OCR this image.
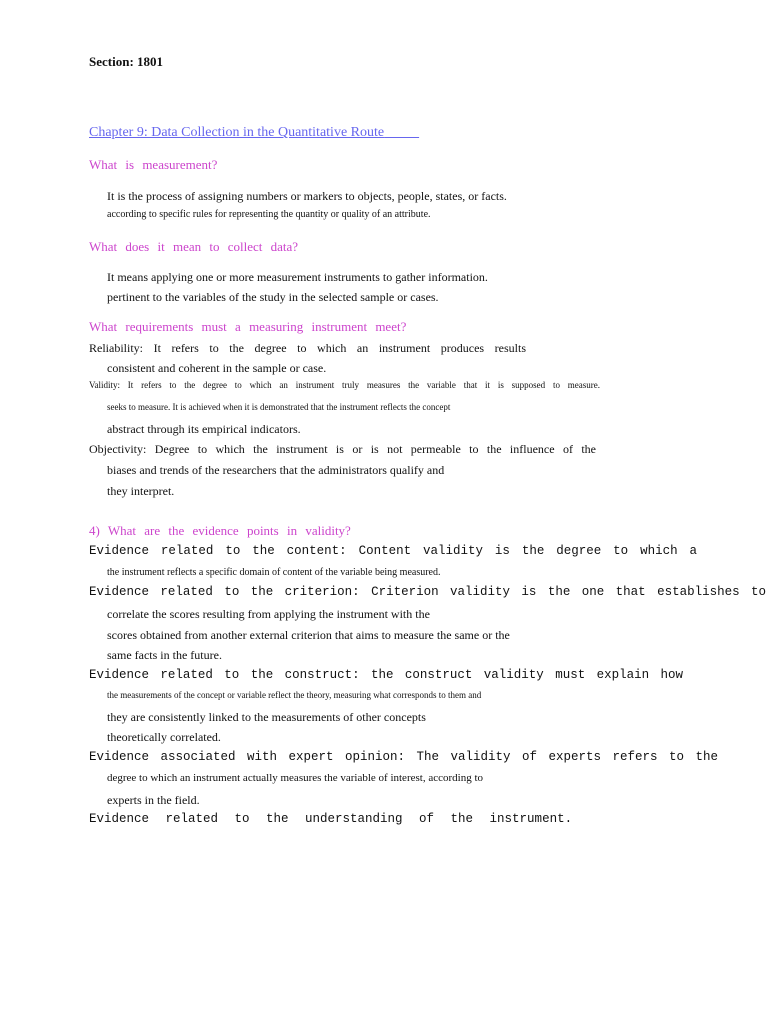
Section: 1801
Chapter 9: Data Collection in the Quantitative Route
What is measurement?
It is the process of assigning numbers or markers to objects, people, states, or facts.
according to specific rules for representing the quantity or quality of an attribute.
What does it mean to collect data?
It means applying one or more measurement instruments to gather information.
pertinent to the variables of the study in the selected sample or cases.
What requirements must a measuring instrument meet?
Reliability: It refers to the degree to which an instrument produces results
consistent and coherent in the sample or case.
Validity: It refers to the degree to which an instrument truly measures the variable that it is supposed to measure.
seeks to measure. It is achieved when it is demonstrated that the instrument reflects the concept
abstract through its empirical indicators.
Objectivity: Degree to which the instrument is or is not permeable to the influence of the
biases and trends of the researchers that the administrators qualify and
they interpret.
4) What are the evidence points in validity?
Evidence related to the content: Content validity is the degree to which a
the instrument reflects a specific domain of content of the variable being measured.
Evidence related to the criterion: Criterion validity is the one that establishes to
correlate the scores resulting from applying the instrument with the
scores obtained from another external criterion that aims to measure the same or the
same facts in the future.
Evidence related to the construct: the construct validity must explain how
the measurements of the concept or variable reflect the theory, measuring what corresponds to them and
they are consistently linked to the measurements of other concepts
theoretically correlated.
Evidence associated with expert opinion: The validity of experts refers to the
degree to which an instrument actually measures the variable of interest, according to
experts in the field.
Evidence related to the understanding of the instrument.
